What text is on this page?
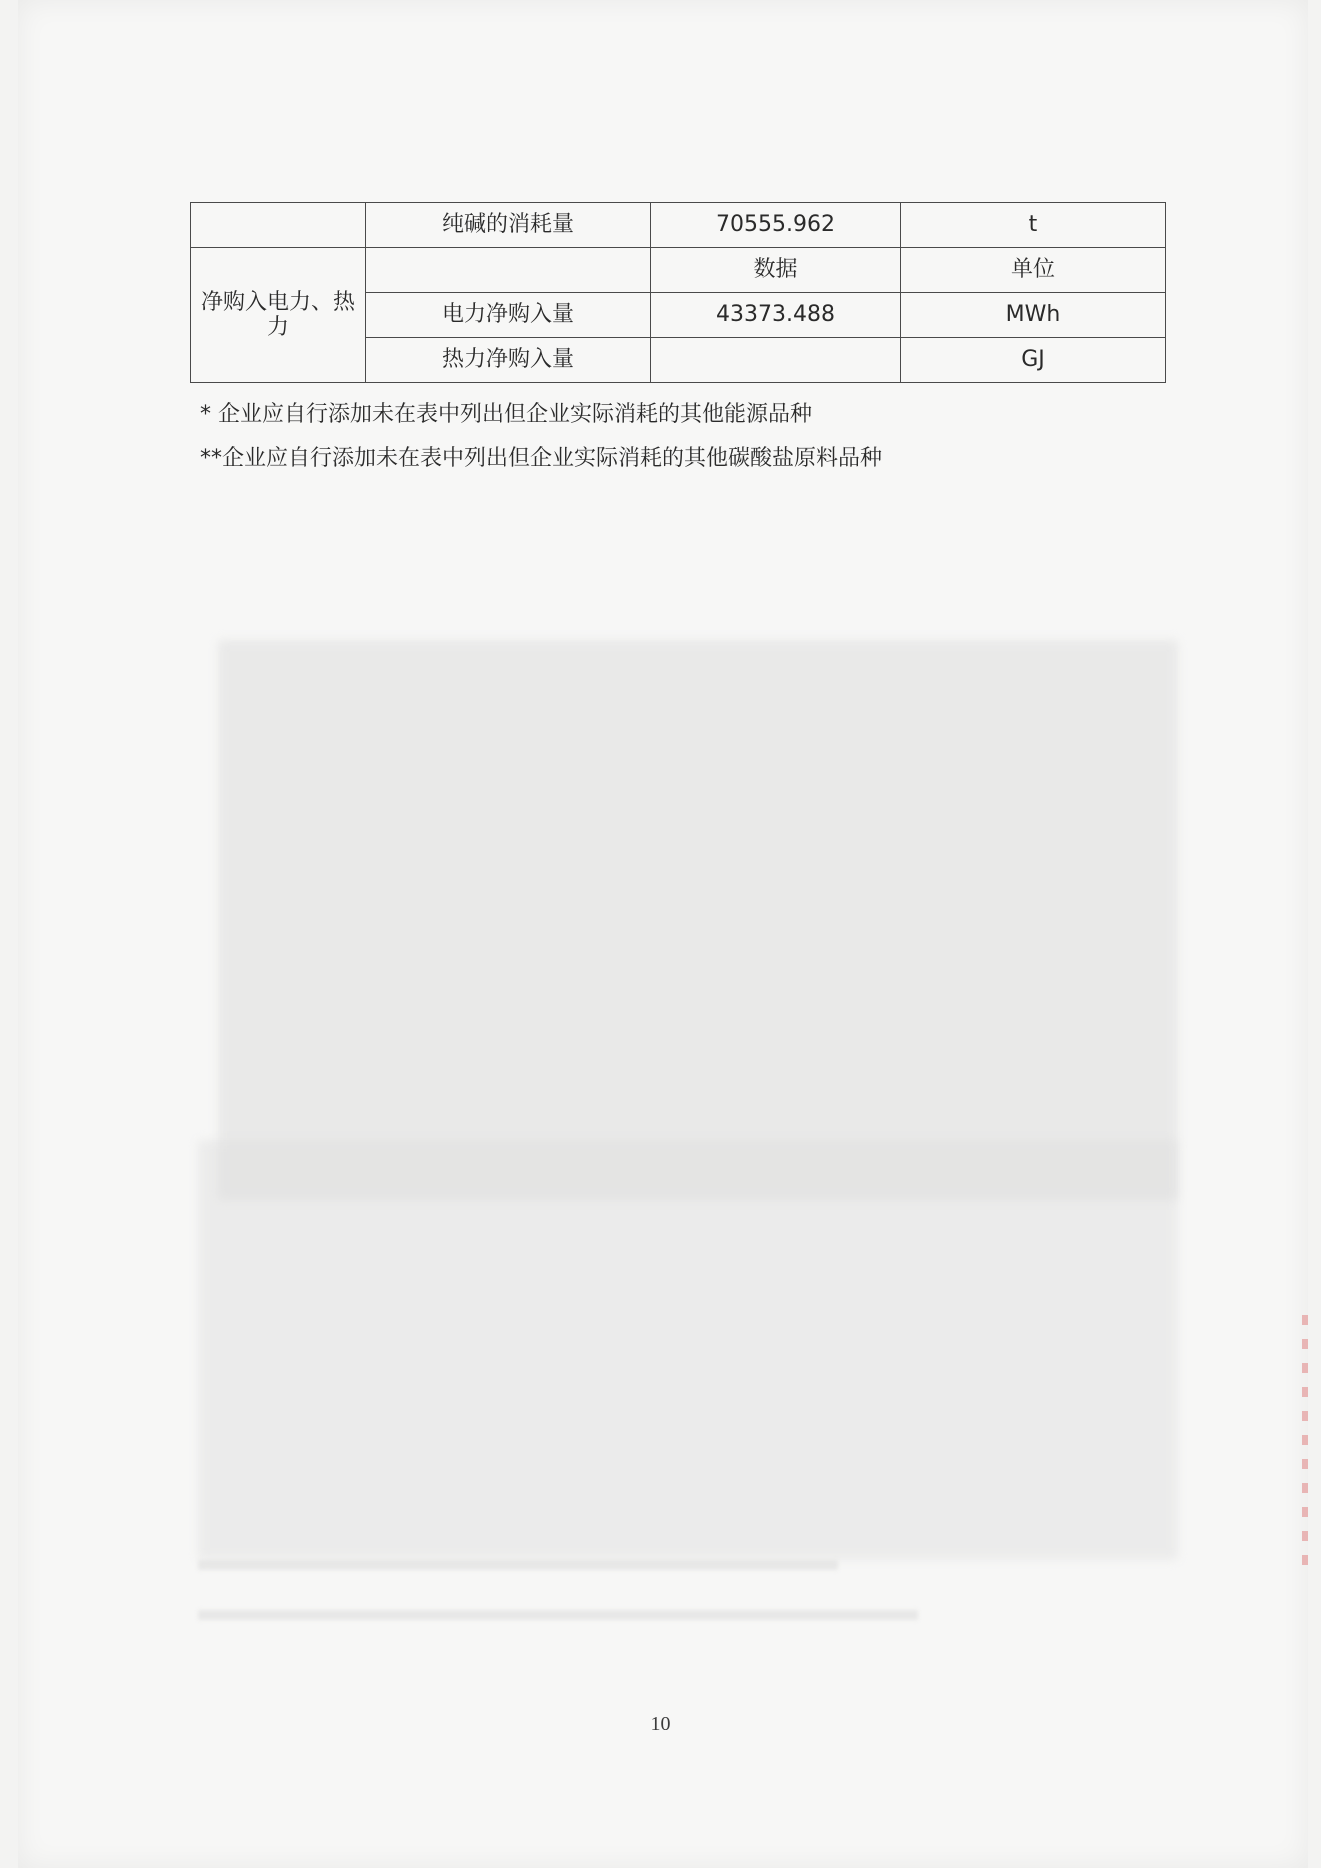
	纯碱的消耗量	70555.962	t
净购入电力、热力		数据	单位
	电力净购入量	43373.488	MWh
	热力净购入量		GJ
* 企业应自行添加未在表中列出但企业实际消耗的其他能源品种
**企业应自行添加未在表中列出但企业实际消耗的其他碳酸盐原料品种
10
